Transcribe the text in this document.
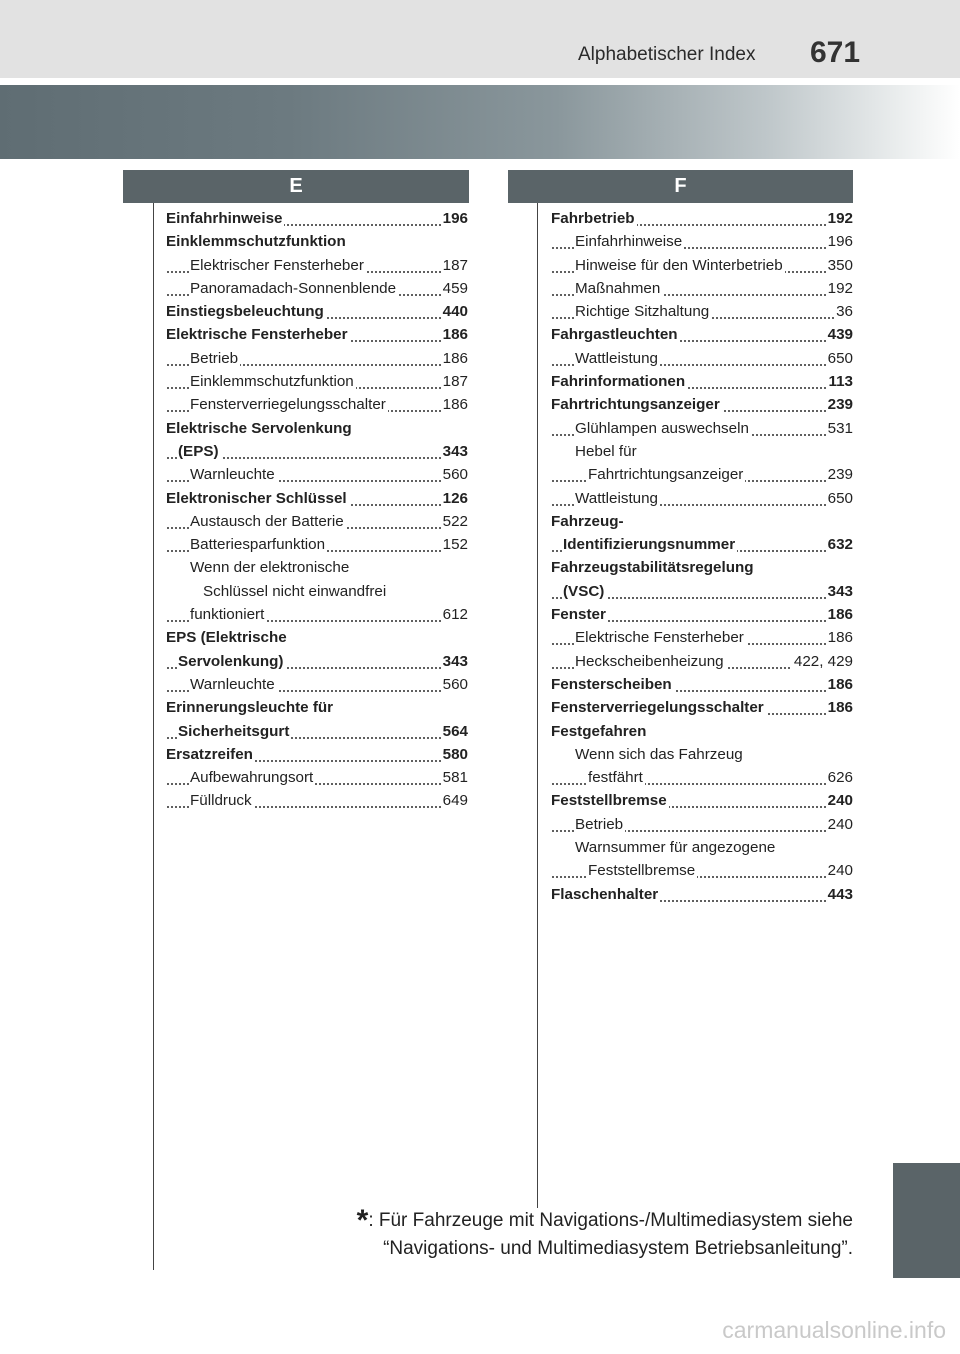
Alphabetischer Index 671
E	F
Einfahrhinweise	196
Einklemmschutzfunktion
Elektrischer Fensterheber	187
Panoramadach-Sonnenblende	459
Einstiegsbeleuchtung	440
Elektrische Fensterheber	186
Betrieb	186
Einklemmschutzfunktion	187
Fensterverriegelungsschalter	186
Elektrische Servolenkung
(EPS)	343
Warnleuchte	560
Elektronischer Schlüssel	126
Austausch der Batterie	522
Batteriesparfunktion	152
Wenn der elektronische
Schlüssel nicht einwandfrei
funktioniert	612
EPS (Elektrische
Servolenkung)	343
Warnleuchte	560
Erinnerungsleuchte für
Sicherheitsgurt	564
Ersatzreifen	580
Aufbewahrungsort	581
Fülldruck	649
Fahrbetrieb	192
Einfahrhinweise	196
Hinweise für den Winterbetrieb	350
Maßnahmen	192
Richtige Sitzhaltung	36
Fahrgastleuchten	439
Wattleistung	650
Fahrinformationen	113
Fahrtrichtungsanzeiger	239
Glühlampen auswechseln	531
Hebel für
Fahrtrichtungsanzeiger	239
Wattleistung	650
Fahrzeug-
Identifizierungsnummer	632
Fahrzeugstabilitätsregelung
(VSC)	343
Fenster	186
Elektrische Fensterheber	186
Heckscheibenheizung	422, 429
Fensterscheiben	186
Fensterverriegelungsschalter	186
Festgefahren
Wenn sich das Fahrzeug
festfährt	626
Feststellbremse	240
Betrieb	240
Warnsummer für angezogene
Feststellbremse	240
Flaschenhalter	443
*: Für Fahrzeuge mit Navigations-/Multimediasystem siehe
“Navigations- und Multimediasystem Betriebsanleitung”.
carmanualsonline.info
